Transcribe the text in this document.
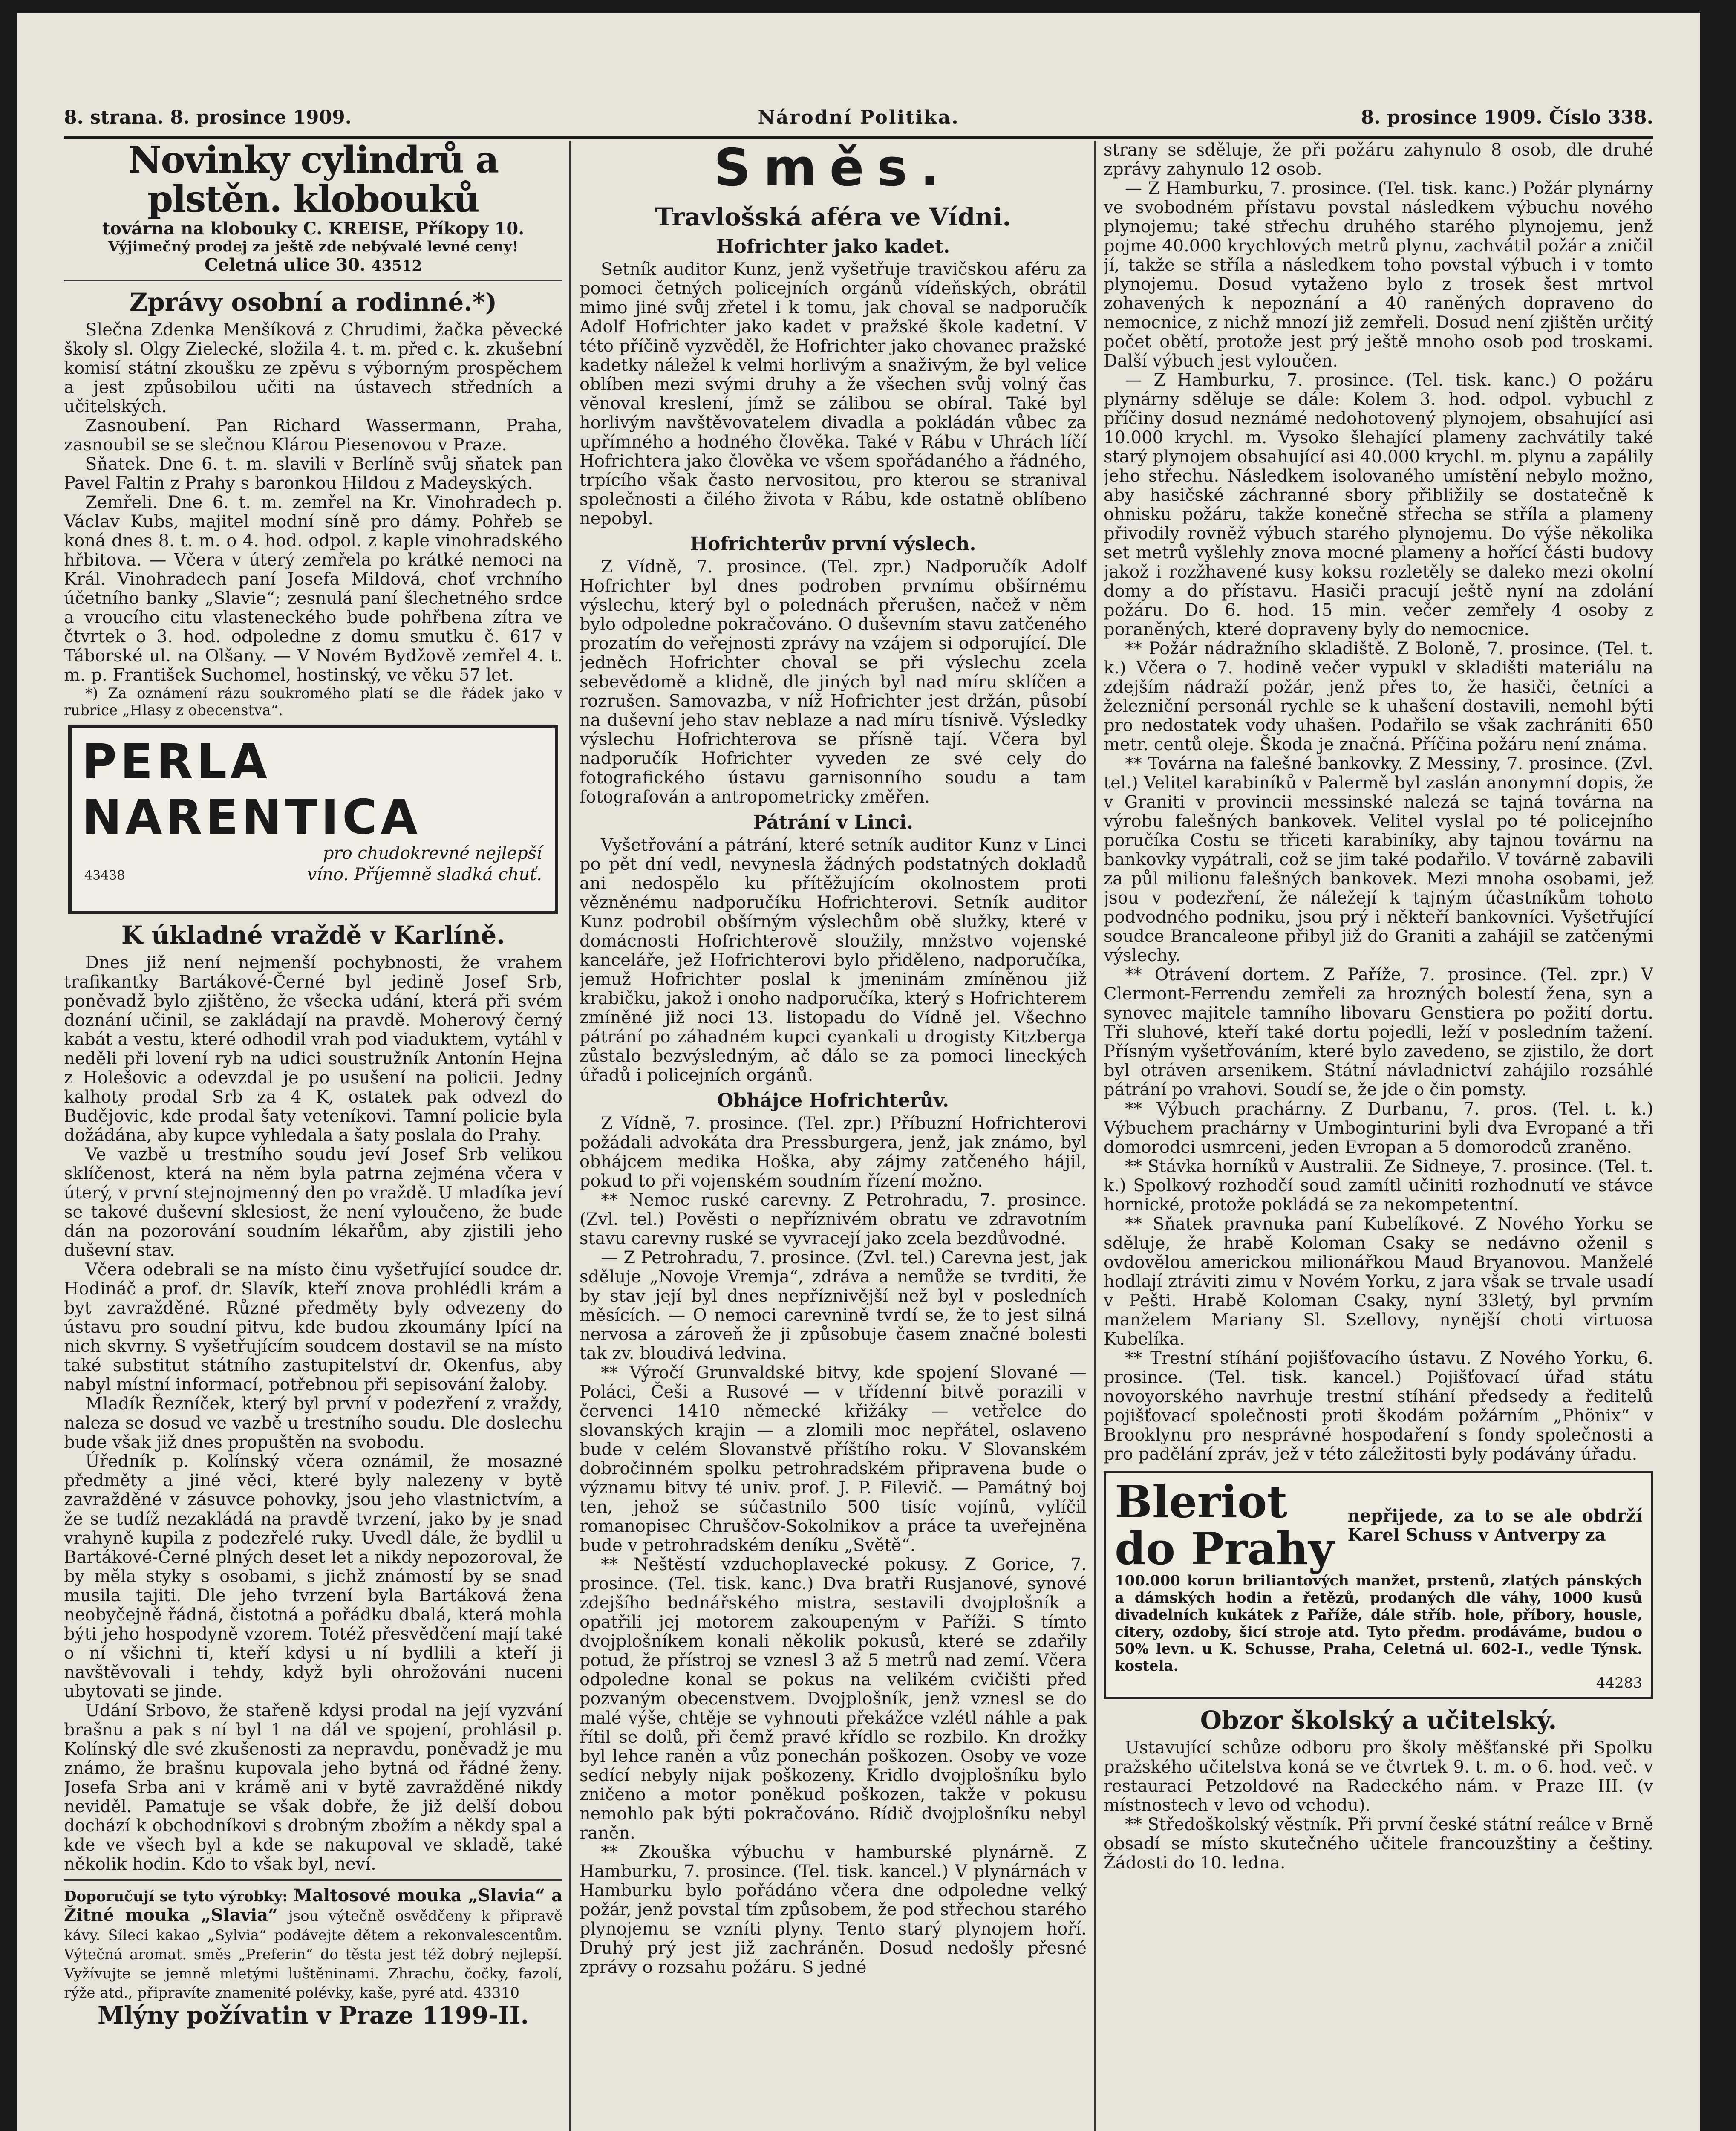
8. strana. 8. prosince 1909.	Národní Politika.	8. prosince 1909. Číslo 338.
Novinky cylindrů a plstěn. klobouků
továrna na klobouky C. KREISE, Příkopy 10.
Výjimečný prodej za ještě zde nebývalé levné ceny!
Celetná ulice 30. 43512
Zprávy osobní a rodinné.*)

Slečna Zdenka Menšíková z Chrudimi, žačka pěvecké školy sl. Olgy Zielecké, složila 4. t. m. před c. k. zkušební komisí státní zkoušku ze zpěvu s výborným prospěchem a jest způsobilou učiti na ústavech středních a učitelských.

Zasnoubení. Pan Richard Wassermann, Praha, zasnoubil se se slečnou Klárou Piesenovou v Praze.

Sňatek. Dne 6. t. m. slavili v Berlíně svůj sňatek pan Pavel Faltin z Prahy s baronkou Hildou z Madeyských.

Zemřeli. Dne 6. t. m. zemřel na Kr. Vinohradech p. Václav Kubs, majitel modní síně pro dámy. Pohřeb se koná dnes 8. t. m. o 4. hod. odpol. z kaple vinohradského hřbitova. — Včera v úterý zemřela po krátké nemoci na Král. Vinohradech paní Josefa Mildová, choť vrchního účetního banky „Slavie“; zesnulá paní šlechetného srdce a vroucího citu vlasteneckého bude pohřbena zítra ve čtvrtek o 3. hod. odpoledne z domu smutku č. 617 v Táborské ul. na Olšany. — V Novém Bydžově zemřel 4. t. m. p. František Suchomel, hostinský, ve věku 57 let.

*) Za oznámení rázu soukromého platí se dle řádek jako v rubrice „Hlasy z obecenstva“.

PERLA NARENTICA
pro chudokrevné nejlepší
víno. Příjemně sladká chuť.
43438
K úkladné vraždě v Karlíně.

Dnes již není nejmenší pochybnosti, že vrahem trafikantky Bartákové-Černé byl jedině Josef Srb, poněvadž bylo zjištěno, že všecka udání, která při svém doznání učinil, se zakládají na pravdě. Moherový černý kabát a vestu, které odhodil vrah pod viaduktem, vytáhl v neděli při lovení ryb na udici soustružník Antonín Hejna z Holešovic a odevzdal je po usušení na policii. Jedny kalhoty prodal Srb za 4 K, ostatek pak odvezl do Budějovic, kde prodal šaty veteníkovi. Tamní policie byla dožádána, aby kupce vyhledala a šaty poslala do Prahy.

Ve vazbě u trestního soudu jeví Josef Srb velikou sklíčenost, která na něm byla patrna zejména včera v úterý, v první stejnojmenný den po vraždě. U mladíka jeví se takové duševní sklesiost, že není vyloučeno, že bude dán na pozorování soudním lékařům, aby zjistili jeho duševní stav.

Včera odebrali se na místo činu vyšetřující soudce dr. Hodináč a prof. dr. Slavík, kteří znova prohlédli krám a byt zavražděné. Různé předměty byly odvezeny do ústavu pro soudní pitvu, kde budou zkoumány lpící na nich skvrny. S vyšetřujícím soudcem dostavil se na místo také substitut státního zastupitelství dr. Okenfus, aby nabyl místní informací, potřebnou při sepisování žaloby.

Mladík Řezníček, který byl první v podezření z vraždy, naleza se dosud ve vazbě u trestního soudu. Dle doslechu bude však již dnes propuštěn na svobodu.

Úředník p. Kolínský včera oznámil, že mosazné předměty a jiné věci, které byly nalezeny v bytě zavražděné v zásuvce pohovky, jsou jeho vlastnictvím, a že se tudíž nezakládá na pravdě tvrzení, jako by je snad vrahyně kupila z podezřelé ruky. Uvedl dále, že bydlil u Bartákové-Černé plných deset let a nikdy nepozoroval, že by měla styky s osobami, s jichž známostí by se snad musila tajiti. Dle jeho tvrzení byla Bartáková žena neobyčejně řádná, čistotná a pořádku dbalá, která mohla býti jeho hospodyně vzorem. Totéž přesvědčení mají také o ní všichni ti, kteří kdysi u ní bydlili a kteří ji navštěvovali i tehdy, když byli ohrožováni nuceni ubytovati se jinde.

Udání Srbovo, že stařeně kdysi prodal na její vyzvání brašnu a pak s ní byl 1 na dál ve spojení, prohlásil p. Kolínský dle své zkušenosti za nepravdu, poněvadž je mu známo, že brašnu kupovala jeho bytná od řádné ženy. Josefa Srba ani v krámě ani v bytě zavražděné nikdy neviděl. Pamatuje se však dobře, že již delší dobou dochází k obchodníkovi s drobným zbožím a někdy spal a kde ve všech byl a kde se nakupoval ve skladě, také několik hodin. Kdo to však byl, neví.

Doporučují se tyto výrobky: Maltosové mouka „Slavia“ a Žitné mouka „Slavia“ jsou výtečně osvědčeny k připravě kávy. Síleci kakao „Sylvia“ podávejte dětem a rekonvalescentům. Výtečná aromat. směs „Preferin“ do těsta jest též dobrý nejlepší. Vyžívujte se jemně mletými luštěninami. Zhrachu, čočky, fazolí, rýže atd., připravíte znamenité polévky, kaše, pyré atd. 43310
Mlýny požívatin v Praze 1199-II.
Směs.
Travlošská aféra ve Vídni.
Hofrichter jako kadet.

Setník auditor Kunz, jenž vyšetřuje travičskou aféru za pomoci četných policejních orgánů vídeňských, obrátil mimo jiné svůj zřetel i k tomu, jak choval se nadporučík Adolf Hofrichter jako kadet v pražské škole kadetní. V této příčině vyzvěděl, že Hofrichter jako chovanec pražské kadetky náležel k velmi horlivým a snaživým, že byl velice oblíben mezi svými druhy a že všechen svůj volný čas věnoval kreslení, jímž se zálibou se obíral. Také byl horlivým navštěvovatelem divadla a pokládán vůbec za upřímného a hodného člověka. Také v Rábu v Uhrách líčí Hofrichtera jako člověka ve všem spořádaného a řádného, trpícího však často nervositou, pro kterou se stranival společnosti a čilého života v Rábu, kde ostatně oblíbeno nepobyl.

Hofrichterův první výslech.

Z Vídně, 7. prosince. (Tel. zpr.) Nadporučík Adolf Hofrichter byl dnes podroben prvnímu obšírnému výslechu, který byl o polednách přerušen, načež v něm bylo odpoledne pokračováno. O duševním stavu zatčeného prozatím do veřejnosti zprávy na vzájem si odporující. Dle jedněch Hofrichter choval se při výslechu zcela sebevědomě a klidně, dle jiných byl nad míru sklíčen a rozrušen. Samovazba, v níž Hofrichter jest držán, působí na duševní jeho stav neblaze a nad míru tísnivě. Výsledky výslechu Hofrichterova se přísně tají. Včera byl nadporučík Hofrichter vyveden ze své cely do fotografického ústavu garnisonního soudu a tam fotografován a antropometricky změřen.

Pátrání v Linci.

Vyšetřování a pátrání, které setník auditor Kunz v Linci po pět dní vedl, nevynesla žádných podstatných dokladů ani nedospělo ku přítěžujícím okolnostem proti vězněnému nadporučíku Hofrichterovi. Setník auditor Kunz podrobil obšírným výslechům obě služky, které v domácnosti Hofrichterově sloužily, mnžstvo vojenské kanceláře, jež Hofrichterovi bylo přiděleno, nadporučíka, jemuž Hofrichter poslal k jmeninám zmíněnou již krabičku, jakož i onoho nadporučíka, který s Hofrichterem zmíněné již noci 13. listopadu do Vídně jel. Všechno pátrání po záhadném kupci cyankali u drogisty Kitzberga zůstalo bezvýsledným, ač dálo se za pomoci lineckých úřadů i policejních orgánů.

Obhájce Hofrichterův.

Z Vídně, 7. prosince. (Tel. zpr.) Příbuzní Hofrichterovi požádali advokáta dra Pressburgera, jenž, jak známo, byl obhájcem medika Hoška, aby zájmy zatčeného hájil, pokud to při vojenském soudním řízení možno.

** Nemoc ruské carevny. Z Petrohradu, 7. prosince. (Zvl. tel.) Pověsti o nepříznivém obratu ve zdravotním stavu carevny ruské se vyvracejí jako zcela bezdůvodné.

— Z Petrohradu, 7. prosince. (Zvl. tel.) Carevna jest, jak sděluje „Novoje Vremja“, zdráva a nemůže se tvrditi, že by stav její byl dnes nepříznivější než byl v posledních měsících. — O nemoci carevnině tvrdí se, že to jest silná nervosa a zároveň že ji způsobuje časem značné bolesti tak zv. bloudivá ledvina.

** Výročí Grunvaldské bitvy, kde spojení Slované — Poláci, Češi a Rusové — v třídenní bitvě porazili v červenci 1410 německé křižáky — vetřelce do slovanských krajin — a zlomili moc nepřátel, oslaveno bude v celém Slovanstvě příštího roku. V Slovanském dobročinném spolku petrohradském připravena bude o významu bitvy té univ. prof. J. P. Filevič. — Památný boj ten, jehož se súčastnilo 500 tisíc vojínů, vylíčil romanopisec Chruščov-Sokolnikov a práce ta uveřejněna bude v petrohradském deníku „Světě“.

** Neštěstí vzduchoplavecké pokusy. Z Gorice, 7. prosince. (Tel. tisk. kanc.) Dva bratři Rusjanové, synové zdejšího bednářského mistra, sestavili dvojplošník a opatřili jej motorem zakoupeným v Paříži. S tímto dvojplošníkem konali několik pokusů, které se zdařily potud, že přístroj se vznesl 3 až 5 metrů nad zemí. Včera odpoledne konal se pokus na velikém cvičišti před pozvaným obecenstvem. Dvojplošník, jenž vznesl se do malé výše, chtěje se vyhnouti překážce vzlétl náhle a pak řítil se dolů, při čemž pravé křídlo se rozbilo. Kn drožky byl lehce raněn a vůz ponechán poškozen. Osoby ve voze sedící nebyly nijak poškozeny. Kridlo dvojplošníku bylo zničeno a motor poněkud poškozen, takže v pokusu nemohlo pak býti pokračováno. Rídič dvojplošníku nebyl raněn.

** Zkouška výbuchu v hamburské plynárně. Z Hamburku, 7. prosince. (Tel. tisk. kancel.) V plynárnách v Hamburku bylo pořádáno včera dne odpoledne velký požár, jenž povstal tím způsobem, že pod střechou starého plynojemu se vzníti plyny. Tento starý plynojem hoří. Druhý prý jest již zachráněn. Dosud nedošly přesné zprávy o rozsahu požáru. S jedné

strany se sděluje, že při požáru zahynulo 8 osob, dle druhé zprávy zahynulo 12 osob.

— Z Hamburku, 7. prosince. (Tel. tisk. kanc.) Požár plynárny ve svobodném přístavu povstal následkem výbuchu nového plynojemu; také střechu druhého starého plynojemu, jenž pojme 40.000 krychlových metrů plynu, zachvátil požár a zničil jí, takže se stříla a následkem toho povstal výbuch i v tomto plynojemu. Dosud vytaženo bylo z trosek šest mrtvol zohavených k nepoznání a 40 raněných dopraveno do nemocnice, z nichž mnozí již zemřeli. Dosud není zjištěn určitý počet obětí, protože jest prý ještě mnoho osob pod troskami. Další výbuch jest vyloučen.

— Z Hamburku, 7. prosince. (Tel. tisk. kanc.) O požáru plynárny sděluje se dále: Kolem 3. hod. odpol. vybuchl z příčiny dosud neznámé nedohotovený plynojem, obsahující asi 10.000 krychl. m. Vysoko šlehající plameny zachvátily také starý plynojem obsahující asi 40.000 krychl. m. plynu a zapálily jeho střechu. Následkem isolovaného umístění nebylo možno, aby hasičské záchranné sbory přibližily se dostatečně k ohnisku požáru, takže konečně střecha se stříla a plameny přivodily rovněž výbuch starého plynojemu. Do výše několika set metrů vyšlehly znova mocné plameny a hořící části budovy jakož i rozžhavené kusy koksu rozletěly se daleko mezi okolní domy a do přístavu. Hasiči pracují ještě nyní na zdolání požáru. Do 6. hod. 15 min. večer zemřely 4 osoby z poraněných, které dopraveny byly do nemocnice.

** Požár nádražního skladiště. Z Boloně, 7. prosince. (Tel. t. k.) Včera o 7. hodině večer vypukl v skladišti materiálu na zdejším nádraží požár, jenž přes to, že hasiči, četníci a železniční personál rychle se k uhašení dostavili, nemohl býti pro nedostatek vody uhašen. Podařilo se však zachrániti 650 metr. centů oleje. Škoda je značná. Příčina požáru není známa.

** Továrna na falešné bankovky. Z Messiny, 7. prosince. (Zvl. tel.) Velitel karabiníků v Palermě byl zaslán anonymní dopis, že v Graniti v provincii messinské nalezá se tajná továrna na výrobu falešných bankovek. Velitel vyslal po té policejního poručíka Costu se třiceti karabiníky, aby tajnou továrnu na bankovky vypátrali, což se jim také podařilo. V továrně zabavili za půl milionu falešných bankovek. Mezi mnoha osobami, jež jsou v podezření, že náležejí k tajným účastníkům tohoto podvodného podniku, jsou prý i někteří bankovníci. Vyšetřující soudce Brancaleone přibyl již do Graniti a zahájil se zatčenými výslechy.

** Otrávení dortem. Z Paříže, 7. prosince. (Tel. zpr.) V Clermont-Ferrendu zemřeli za hrozných bolestí žena, syn a synovec majitele tamního libovaru Genstiera po požití dortu. Tři sluhové, kteří také dortu pojedli, leží v posledním tažení. Přísným vyšetřováním, které bylo zavedeno, se zjistilo, že dort byl otráven arsenikem. Státní návladnictví zahájilo rozsáhlé pátrání po vrahovi. Soudí se, že jde o čin pomsty.

** Výbuch prachárny. Z Durbanu, 7. pros. (Tel. t. k.) Výbuchem prachárny v Umboginturini byli dva Evropané a tři domorodci usmrceni, jeden Evropan a 5 domorodců zraněno.

** Stávka horníků v Australii. Ze Sidneye, 7. prosince. (Tel. t. k.) Spolkový rozhodčí soud zamítl učiniti rozhodnutí ve stávce hornické, protože pokládá se za nekompetentní.

** Sňatek pravnuka paní Kubelíkové. Z Nového Yorku se sděluje, že hrabě Koloman Csaky se nedávno oženil s ovdovělou americkou milionářkou Maud Bryanovou. Manželé hodlají ztráviti zimu v Novém Yorku, z jara však se trvale usadí v Pešti. Hrabě Koloman Csaky, nyní 33letý, byl prvním manželem Mariany Sl. Szellovy, nynější choti virtuosa Kubelíka.

** Trestní stíhání pojišťovacího ústavu. Z Nového Yorku, 6. prosince. (Tel. tisk. kancel.) Pojišťovací úřad státu novoyorského navrhuje trestní stíhání předsedy a ředitelů pojišťovací společnosti proti škodám požárním „Phönix“ v Brooklynu pro nesprávné hospodaření s fondy společnosti a pro padělání zpráv, jež v této záležitosti byly podávány úřadu.

Bleriot do Prahy
nepřijede, za to se ale obdrží Karel Schuss v Antverpy za
100.000 korun briliantových manžet, prstenů, zlatých pánských a dámských hodin a řetězů, prodaných dle váhy, 1000 kusů divadelních kukátek z Paříže, dále stříb. hole, příbory, housle, citery, ozdoby, šicí stroje atd. Tyto předm. prodáváme, budou o 50% levn. u K. Schusse, Praha, Celetná ul. 602-I., vedle Týnsk. kostela.
44283
Obzor školský a učitelský.

Ustavující schůze odboru pro školy měšťanské při Spolku pražského učitelstva koná se ve čtvrtek 9. t. m. o 6. hod. več. v restauraci Petzoldové na Radeckého nám. v Praze III. (v místnostech v levo od vchodu).

** Středoškolský věstník. Při první české státní reálce v Brně obsadí se místo skutečného učitele francouzštiny a češtiny. Žádosti do 10. ledna.
